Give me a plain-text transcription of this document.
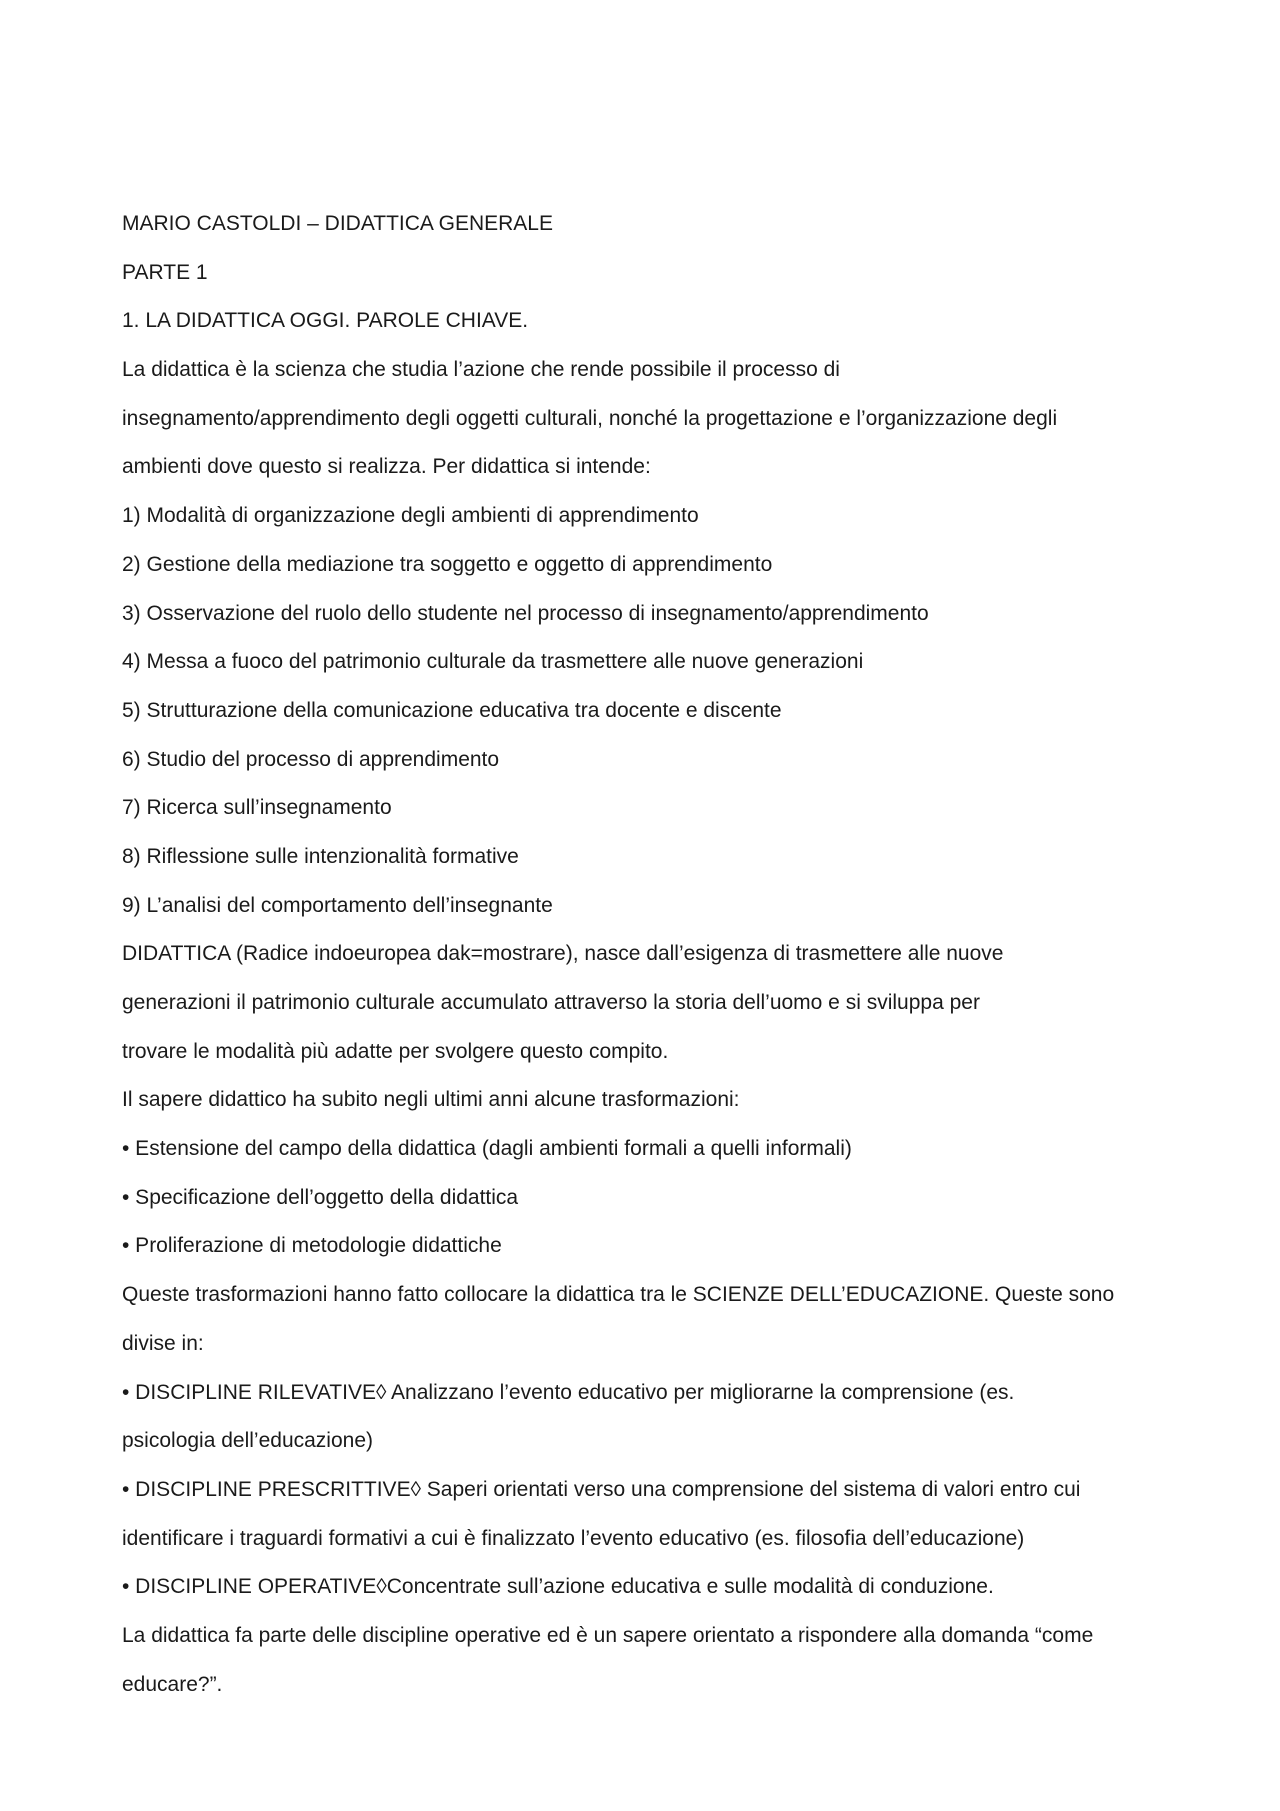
MARIO CASTOLDI – DIDATTICA GENERALE
PARTE 1
1. LA DIDATTICA OGGI. PAROLE CHIAVE.
La didattica è la scienza che studia l’azione che rende possibile il processo di
insegnamento/apprendimento degli oggetti culturali, nonché la progettazione e l’organizzazione degli
ambienti dove questo si realizza. Per didattica si intende:
1) Modalità di organizzazione degli ambienti di apprendimento
2) Gestione della mediazione tra soggetto e oggetto di apprendimento
3) Osservazione del ruolo dello studente nel processo di insegnamento/apprendimento
4) Messa a fuoco del patrimonio culturale da trasmettere alle nuove generazioni
5) Strutturazione della comunicazione educativa tra docente e discente
6) Studio del processo di apprendimento
7) Ricerca sull’insegnamento
8) Riflessione sulle intenzionalità formative
9) L’analisi del comportamento dell’insegnante
DIDATTICA (Radice indoeuropea dak=mostrare), nasce dall’esigenza di trasmettere alle nuove
generazioni il patrimonio culturale accumulato attraverso la storia dell’uomo e si sviluppa per
trovare le modalità più adatte per svolgere questo compito.
Il sapere didattico ha subito negli ultimi anni alcune trasformazioni:
• Estensione del campo della didattica (dagli ambienti formali a quelli informali)
• Specificazione dell’oggetto della didattica
• Proliferazione di metodologie didattiche
Queste trasformazioni hanno fatto collocare la didattica tra le SCIENZE DELL’EDUCAZIONE. Queste sono
divise in:
• DISCIPLINE RILEVATIVE◊ Analizzano l’evento educativo per migliorarne la comprensione (es.
psicologia dell’educazione)
• DISCIPLINE PRESCRITTIVE◊ Saperi orientati verso una comprensione del sistema di valori entro cui
identificare i traguardi formativi a cui è finalizzato l’evento educativo (es. filosofia dell’educazione)
• DISCIPLINE OPERATIVE◊Concentrate sull’azione educativa e sulle modalità di conduzione.
La didattica fa parte delle discipline operative ed è un sapere orientato a rispondere alla domanda “come
educare?”.
